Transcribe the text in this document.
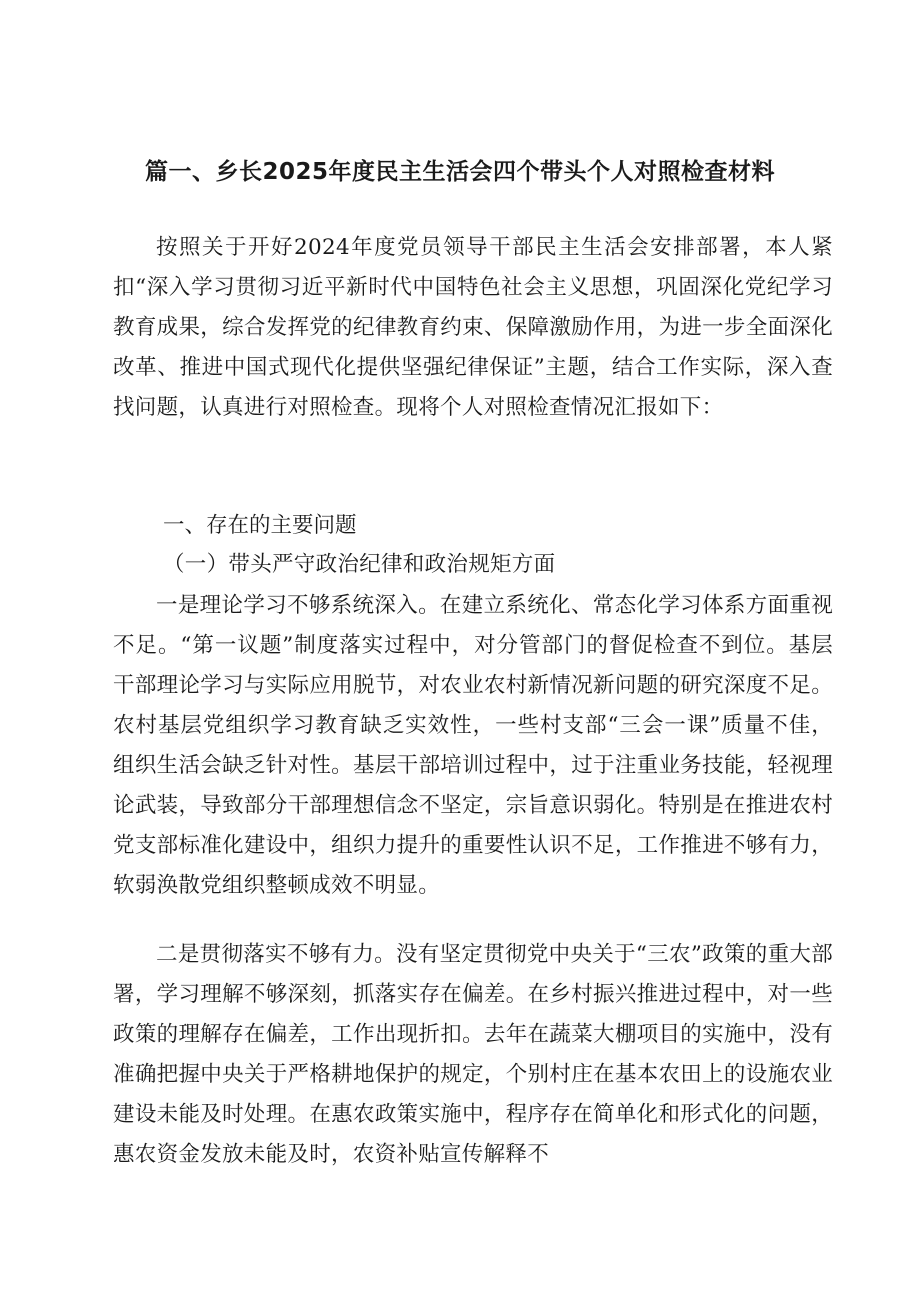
篇一、乡长2025年度民主生活会四个带头个人对照检查材料

按照关于开好2024年度党员领导干部民主生活会安排部署，本人紧扣“深入学习贯彻习近平新时代中国特色社会主义思想，巩固深化党纪学习教育成果，综合发挥党的纪律教育约束、保障激励作用，为进一步全面深化改革、推进中国式现代化提供坚强纪律保证”主题，结合工作实际，深入查找问题，认真进行对照检查。现将个人对照检查情况汇报如下：

一、存在的主要问题
（一）带头严守政治纪律和政治规矩方面

一是理论学习不够系统深入。在建立系统化、常态化学习体系方面重视不足。“第一议题”制度落实过程中，对分管部门的督促检查不到位。基层干部理论学习与实际应用脱节，对农业农村新情况新问题的研究深度不足。农村基层党组织学习教育缺乏实效性，一些村支部“三会一课”质量不佳，组织生活会缺乏针对性。基层干部培训过程中，过于注重业务技能，轻视理论武装，导致部分干部理想信念不坚定，宗旨意识弱化。特别是在推进农村党支部标准化建设中，组织力提升的重要性认识不足，工作推进不够有力，软弱涣散党组织整顿成效不明显。

二是贯彻落实不够有力。没有坚定贯彻党中央关于“三农”政策的重大部署，学习理解不够深刻，抓落实存在偏差。在乡村振兴推进过程中，对一些政策的理解存在偏差，工作出现折扣。去年在蔬菜大棚项目的实施中，没有准确把握中央关于严格耕地保护的规定，个别村庄在基本农田上的设施农业建设未能及时处理。在惠农政策实施中，程序存在简单化和形式化的问题，惠农资金发放未能及时，农资补贴宣传解释不
